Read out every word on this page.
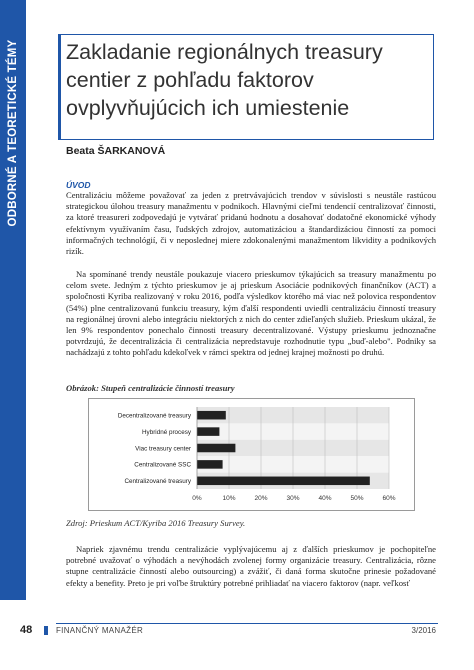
ODBORNÉ A TEORETICKÉ TÉMY	Zakladanie regionálnych treasury centier z pohľadu faktorov ovplyvňujúcich ich umiestenie

Beata ŠARKANOVÁ

ÚVOD

Centralizáciu môžeme považovať za jeden z pretrvávajúcich trendov v súvislosti s neustále rastúcou strategickou úlohou treasury manažmentu v podnikoch. Hlavnými cieľmi tendencií centralizovať činnosti, za ktoré treasureri zodpovedajú je vytvárať pridanú hodnotu a dosahovať dodatočné ekonomické výhody efektívnym využívaním času, ľudských zdrojov, automatizáciou a štandardizáciou činností za pomoci informačných technológií, či v neposlednej miere zdokonalenými manažmentom likvidity a podnikových rizík.

Na spomínané trendy neustále poukazuje viacero prieskumov týkajúcich sa treasury manažmentu po celom svete. Jedným z týchto prieskumov je aj prieskum Asociácie podnikových finančníkov (ACT) a spoločnosti Kyriba realizovaný v roku 2016, podľa výsledkov ktorého má viac než polovica respondentov (54%) plne centralizovanú funkciu treasury, kým ďalší respondenti uviedli centralizáciu činností treasury na regionálnej úrovni alebo integráciu niektorých z nich do center zdieľaných služieb. Prieskum ukázal, že len 9% respondentov ponechalo činnosti treasury decentralizované. Výstupy prieskumu jednoznačne potvrdzujú, že decentralizácia či centralizácia nepredstavuje rozhodnutie typu „buď-alebo". Podniky sa nachádzajú z tohto pohľadu kdekoľvek v rámci spektra od jednej krajnej možnosti po druhú.

Obrázok: Stupeň centralizácie činností treasury

0%	10%	20%	30%	40%	50%	60%
Decentralizované treasury
Hybridné procesy
Viac treasury center
Centralizované SSC
Centralizované treasury

Zdroj: Prieskum ACT/Kyriba 2016 Treasury Survey.

Napriek zjavnému trendu centralizácie vyplývajúcemu aj z ďalších prieskumov je pochopiteľne potrebné uvažovať o výhodách a nevýhodách zvolenej formy organizácie treasury. Centralizácia, rôzne stupne centralizácie činností alebo outsourcing) a zvážiť, či daná forma skutočne prinesie požadované efekty a benefity. Preto je pri voľbe štruktúry potrebné prihliadať na viacero faktorov (napr. veľkosť

48	FINANČNÝ MANAŽÉR	3/2016
